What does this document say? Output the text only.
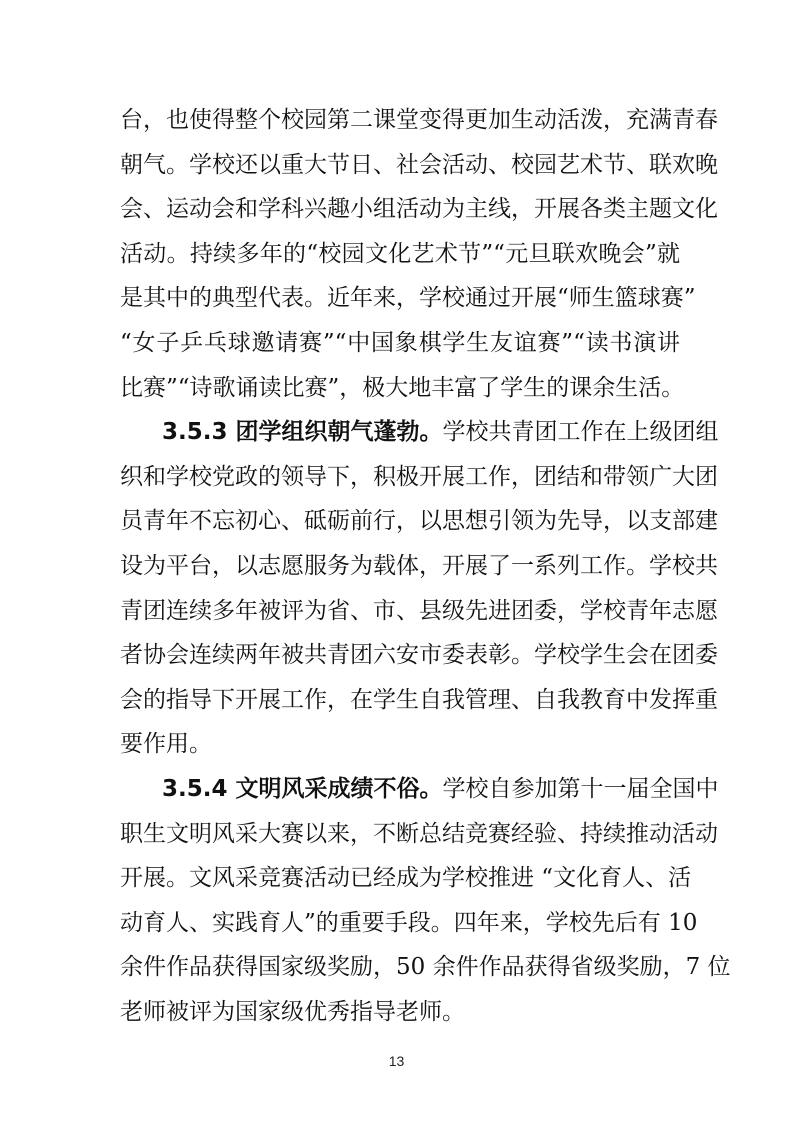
台，也使得整个校园第二课堂变得更加生动活泼，充满青春
朝气。学校还以重大节日、社会活动、校园艺术节、联欢晚
会、运动会和学科兴趣小组活动为主线，开展各类主题文化
活动。持续多年的“校园文化艺术节”“元旦联欢晚会”就
是其中的典型代表。近年来，学校通过开展“师生篮球赛”
“女子乒乓球邀请赛”“中国象棋学生友谊赛”“读书演讲
比赛”“诗歌诵读比赛”，极大地丰富了学生的课余生活。
3.5.3 团学组织朝气蓬勃。学校共青团工作在上级团组
织和学校党政的领导下，积极开展工作，团结和带领广大团
员青年不忘初心、砥砺前行，以思想引领为先导，以支部建
设为平台，以志愿服务为载体，开展了一系列工作。学校共
青团连续多年被评为省、市、县级先进团委，学校青年志愿
者协会连续两年被共青团六安市委表彰。学校学生会在团委
会的指导下开展工作，在学生自我管理、自我教育中发挥重
要作用。
3.5.4 文明风采成绩不俗。学校自参加第十一届全国中
职生文明风采大赛以来，不断总结竞赛经验、持续推动活动
开展。文风采竞赛活动已经成为学校推进 “文化育人、活
动育人、实践育人”的重要手段。四年来，学校先后有 10
余件作品获得国家级奖励，50 余件作品获得省级奖励，7 位
13
老师被评为国家级优秀指导老师。
